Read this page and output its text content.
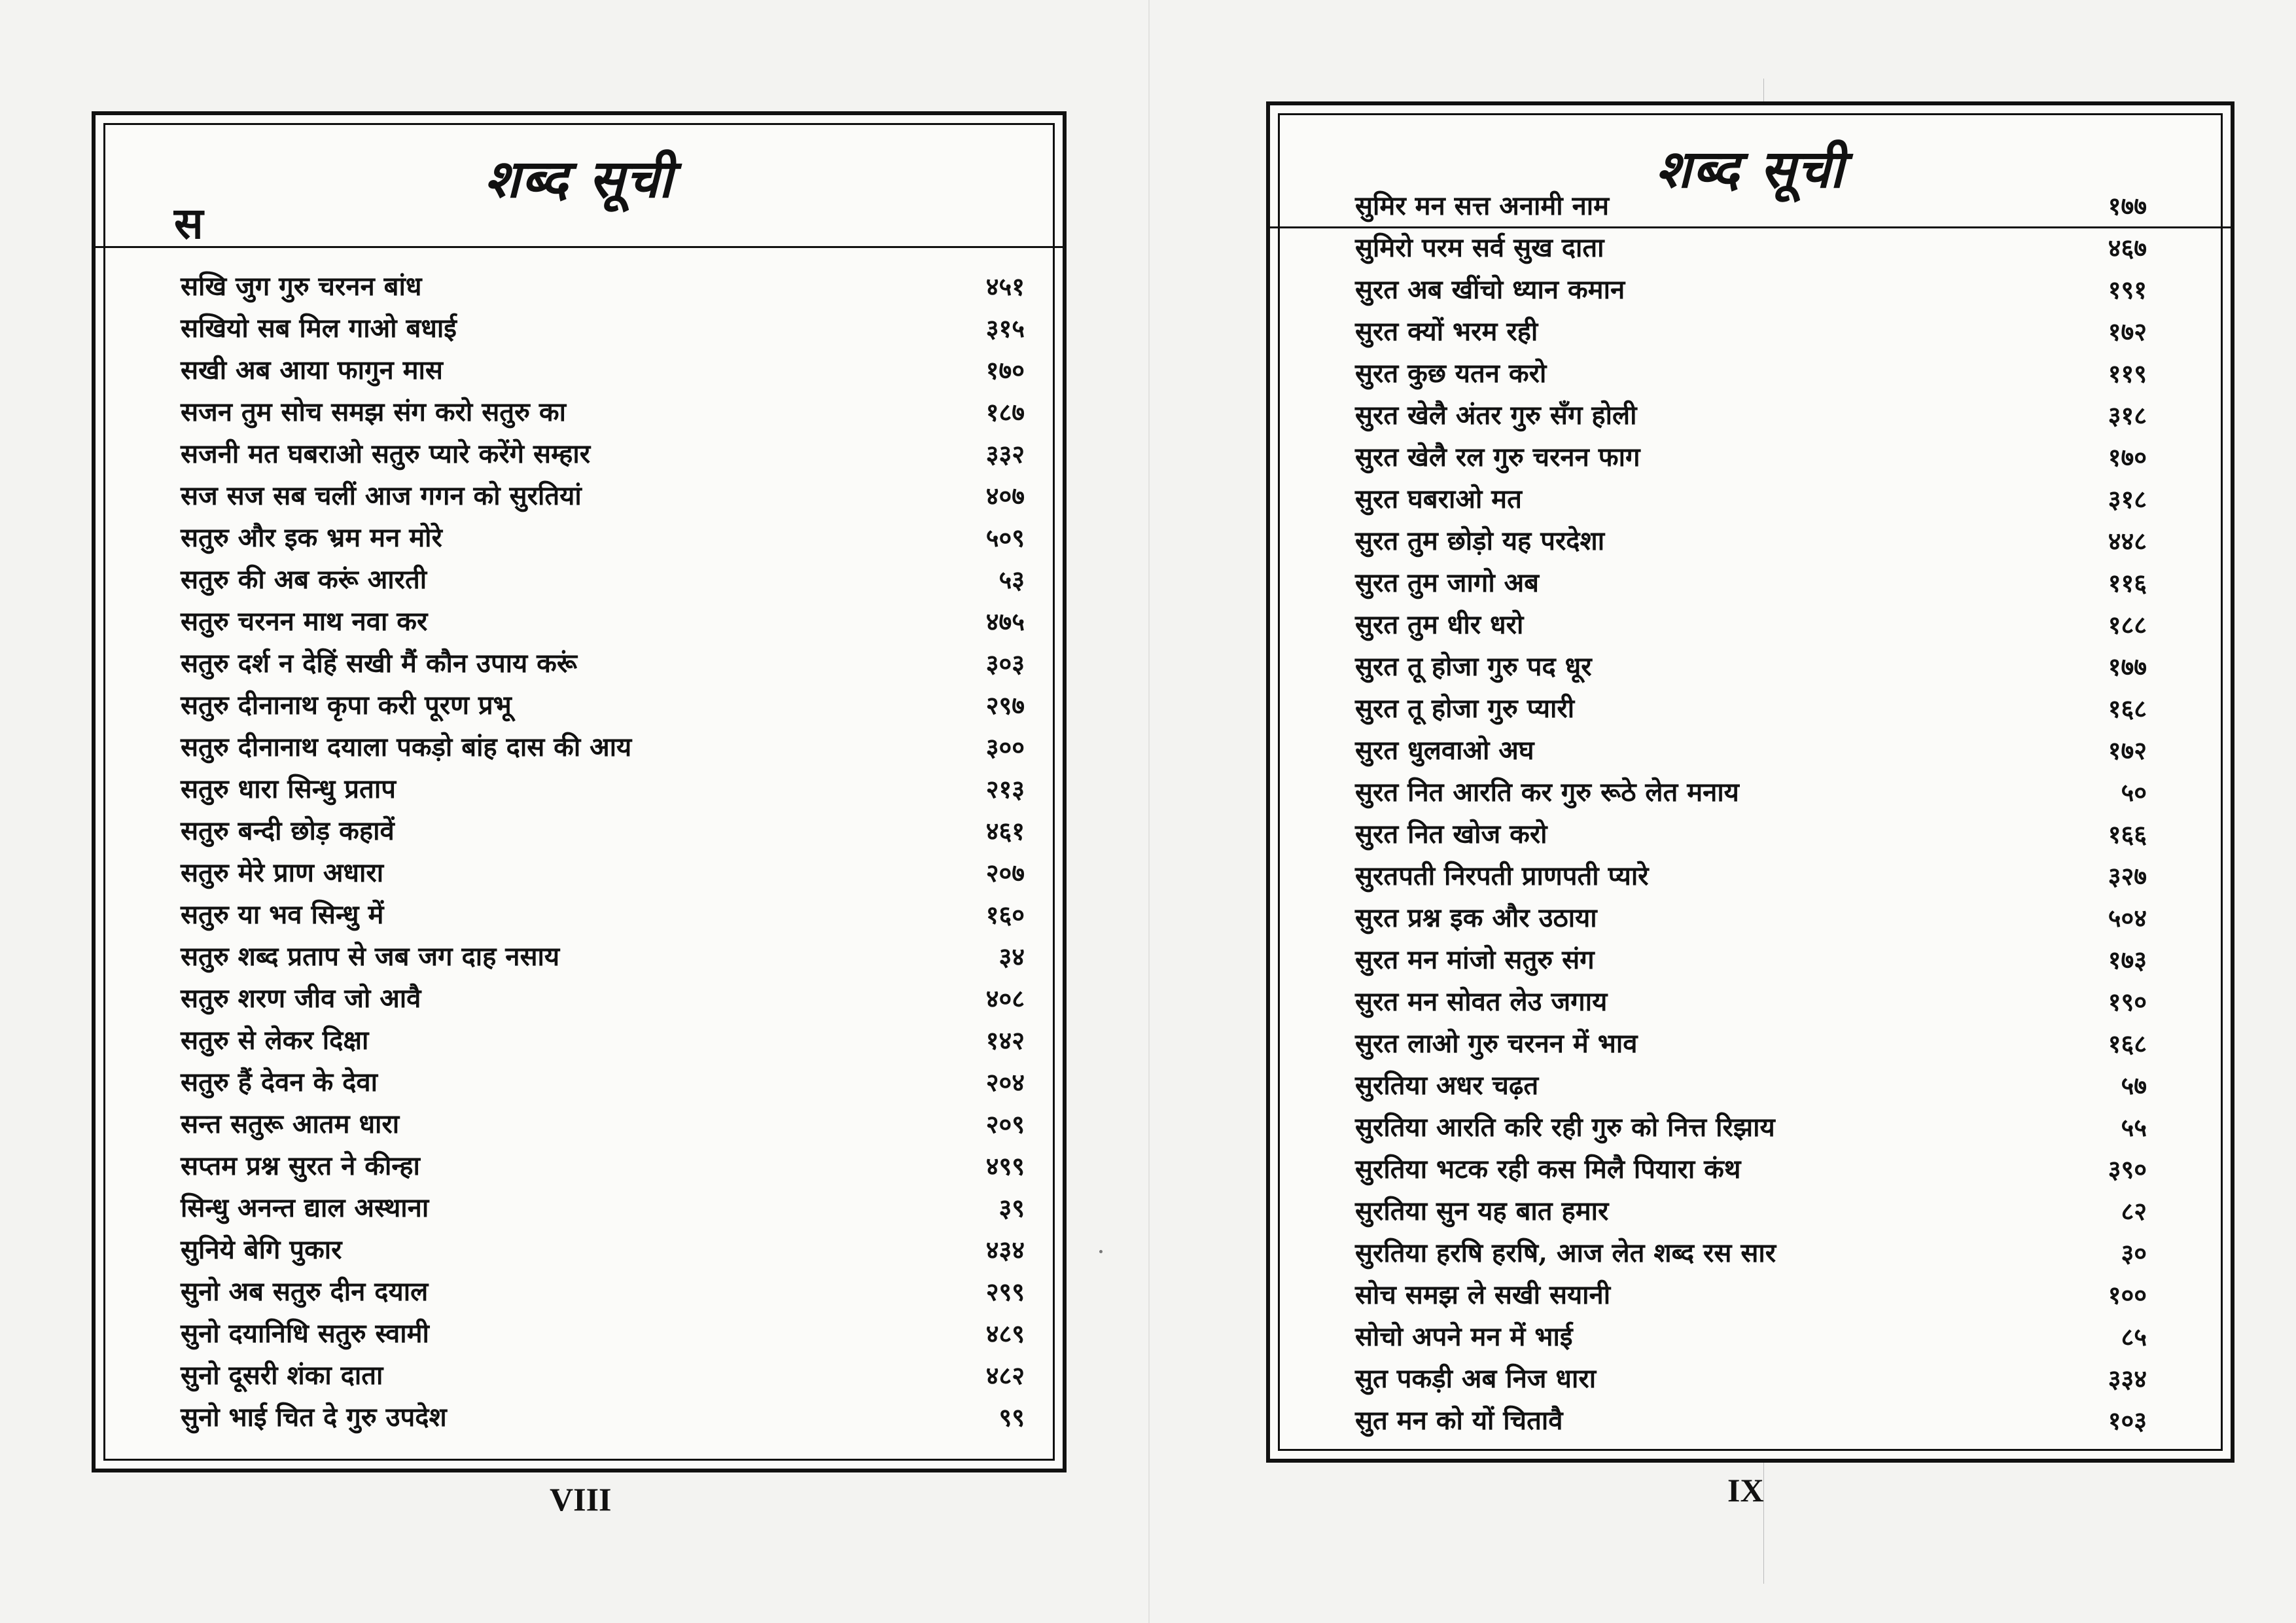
शब्द सूची
स
सखि जुग गुरु चरनन बांध	४५१
सखियो सब मिल गाओ बधाई	३१५
सखी अब आया फागुन मास	१७०
सजन तुम सोच समझ संग करो सतुरु का	१८७
सजनी मत घबराओ सतुरु प्यारे करेंगे सम्हार	३३२
सज सज सब चलीं आज गगन को सुरतियां	४०७
सतुरु और इक भ्रम मन मोरे	५०९
सतुरु की अब करूं आरती	५३
सतुरु चरनन माथ नवा कर	४७५
सतुरु दर्श न देहिं सखी मैं कौन उपाय करूं	३०३
सतुरु दीनानाथ कृपा करी पूरण प्रभू	२९७
सतुरु दीनानाथ दयाला पकड़ो बांह दास की आय	३००
सतुरु धारा सिन्धु प्रताप	२१३
सतुरु बन्दी छोड़ कहावें	४६१
सतुरु मेरे प्राण अधारा	२०७
सतुरु या भव सिन्धु में	१६०
सतुरु शब्द प्रताप से जब जग दाह नसाय	३४
सतुरु शरण जीव जो आवै	४०८
सतुरु से लेकर दिक्षा	१४२
सतुरु हैं देवन के देवा	२०४
सन्त सतुरू आतम धारा	२०९
सप्तम प्रश्न सुरत ने कीन्हा	४९९
सिन्धु अनन्त द्याल अस्थाना	३९
सुनिये बेगि पुकार	४३४
सुनो अब सतुरु दीन दयाल	२९९
सुनो दयानिधि सतुरु स्वामी	४८९
सुनो दूसरी शंका दाता	४८२
सुनो भाई चित दे गुरु उपदेश	९९
VIII
शब्द सूची
सुमिर मन सत्त अनामी नाम	१७७
सुमिरो परम सर्व सुख दाता	४६७
सुरत अब खींचो ध्यान कमान	१९१
सुरत क्यों भरम रही	१७२
सुरत कुछ यतन करो	११९
सुरत खेलै अंतर गुरु सँग होली	३१८
सुरत खेलै रल गुरु चरनन फाग	१७०
सुरत घबराओ मत	३१८
सुरत तुम छोड़ो यह परदेशा	४४८
सुरत तुम जागो अब	११६
सुरत तुम धीर धरो	१८८
सुरत तू होजा गुरु पद धूर	१७७
सुरत तू होजा गुरु प्यारी	१६८
सुरत धुलवाओ अघ	१७२
सुरत नित आरति कर गुरु रूठे लेत मनाय	५०
सुरत नित खोज करो	१६६
सुरतपती निरपती प्राणपती प्यारे	३२७
सुरत प्रश्न इक और उठाया	५०४
सुरत मन मांजो सतुरु संग	१७३
सुरत मन सोवत लेउ जगाय	१९०
सुरत लाओ गुरु चरनन में भाव	१६८
सुरतिया अधर चढ़त	५७
सुरतिया आरति करि रही गुरु को नित्त रिझाय	५५
सुरतिया भटक रही कस मिलै पियारा कंथ	३९०
सुरतिया सुन यह बात हमार	८२
सुरतिया हरषि हरषि, आज लेत शब्द रस सार	३०
सोच समझ ले सखी सयानी	१००
सोचो अपने मन में भाई	८५
सुत पकड़ी अब निज धारा	३३४
सुत मन को यों चितावै	१०३
IX
